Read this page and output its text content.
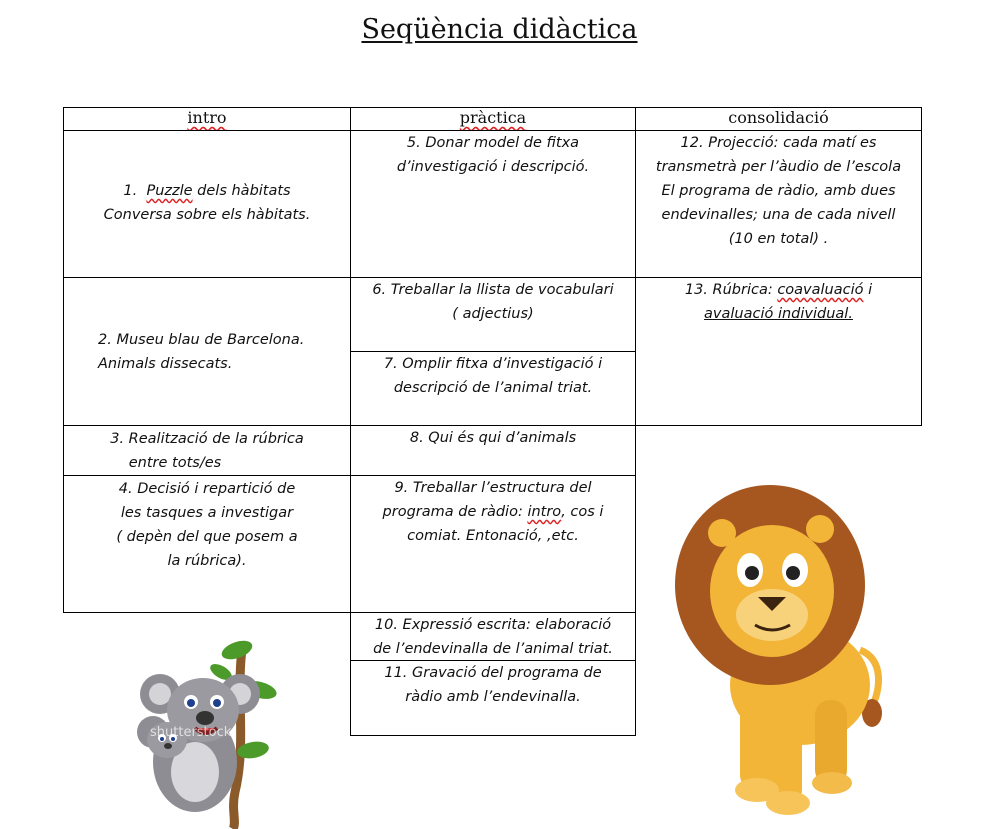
Seqüència didàctica
intro	pràctica	consolidació
1. Puzzle dels hàbitats
Conversa sobre els hàbitats.
2. Museu blau de Barcelona.
Animals dissecats.
3. Realització de la rúbrica
entre tots/es
4. Decisió i repartició de
les tasques a investigar
( depèn del que posem a
la rúbrica).
5. Donar model de fitxa
d’investigació i descripció.
6. Treballar la llista de vocabulari
( adjectius)
7. Omplir fitxa d’investigació i
descripció de l’animal triat.
8. Qui és qui d’animals
9. Treballar l’estructura del
programa de ràdio: intro, cos i
comiat. Entonació, ,etc.
10. Expressió escrita: elaboració
de l’endevinalla de l’animal triat.
11. Gravació del programa de
ràdio amb l’endevinalla.
12. Projecció: cada matí es
transmetrà per l’àudio de l’escola
El programa de ràdio, amb dues
endevinalles; una de cada nivell
(10 en total) .
13. Rúbrica: coavaluació i
avaluació individual.
shutterstock
